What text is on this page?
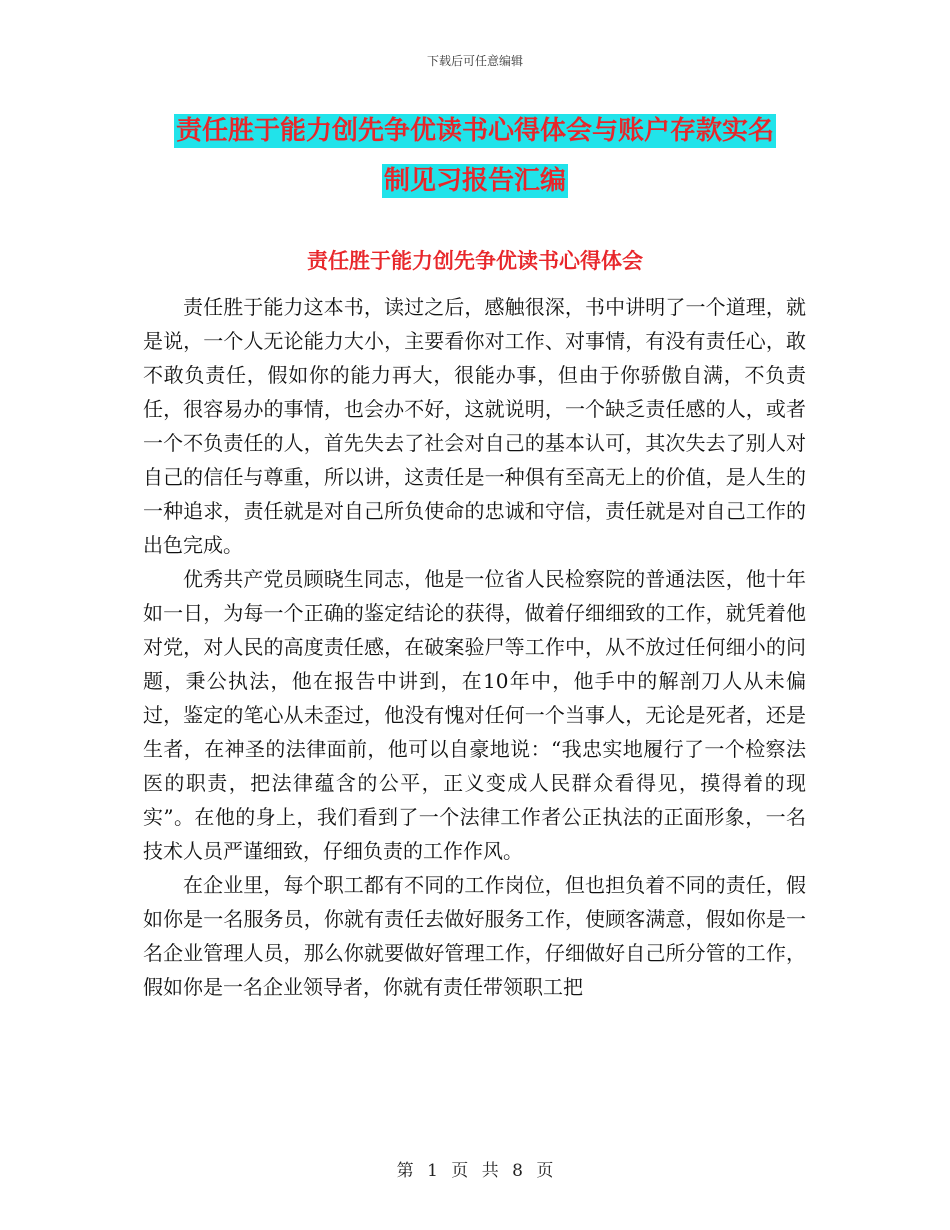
下载后可任意编辑
责任胜于能力创先争优读书心得体会与账户存款实名
制见习报告汇编
责任胜于能力创先争优读书心得体会

责任胜于能力这本书，读过之后，感触很深，书中讲明了一个道理，就是说，一个人无论能力大小，主要看你对工作、对事情，有没有责任心，敢不敢负责任，假如你的能力再大，很能办事，但由于你骄傲自满，不负责任，很容易办的事情，也会办不好，这就说明，一个缺乏责任感的人，或者一个不负责任的人，首先失去了社会对自己的基本认可，其次失去了别人对自己的信任与尊重，所以讲，这责任是一种俱有至高无上的价值，是人生的一种追求，责任就是对自己所负使命的忠诚和守信，责任就是对自己工作的出色完成。

优秀共产党员顾晓生同志，他是一位省人民检察院的普通法医，他十年如一日，为每一个正确的鉴定结论的获得，做着仔细细致的工作，就凭着他对党，对人民的高度责任感，在破案验尸等工作中，从不放过任何细小的问题，秉公执法，他在报告中讲到，在10年中，他手中的解剖刀人从未偏过，鉴定的笔心从未歪过，他没有愧对任何一个当事人，无论是死者，还是生者，在神圣的法律面前，他可以自豪地说：“我忠实地履行了一个检察法医的职责，把法律蕴含的公平，正义变成人民群众看得见，摸得着的现实”。在他的身上，我们看到了一个法律工作者公正执法的正面形象，一名技术人员严谨细致，仔细负责的工作作风。

在企业里，每个职工都有不同的工作岗位，但也担负着不同的责任，假如你是一名服务员，你就有责任去做好服务工作，使顾客满意，假如你是一名企业管理人员，那么你就要做好管理工作，仔细做好自己所分管的工作，假如你是一名企业领导者，你就有责任带领职工把

第 1 页 共 8 页
